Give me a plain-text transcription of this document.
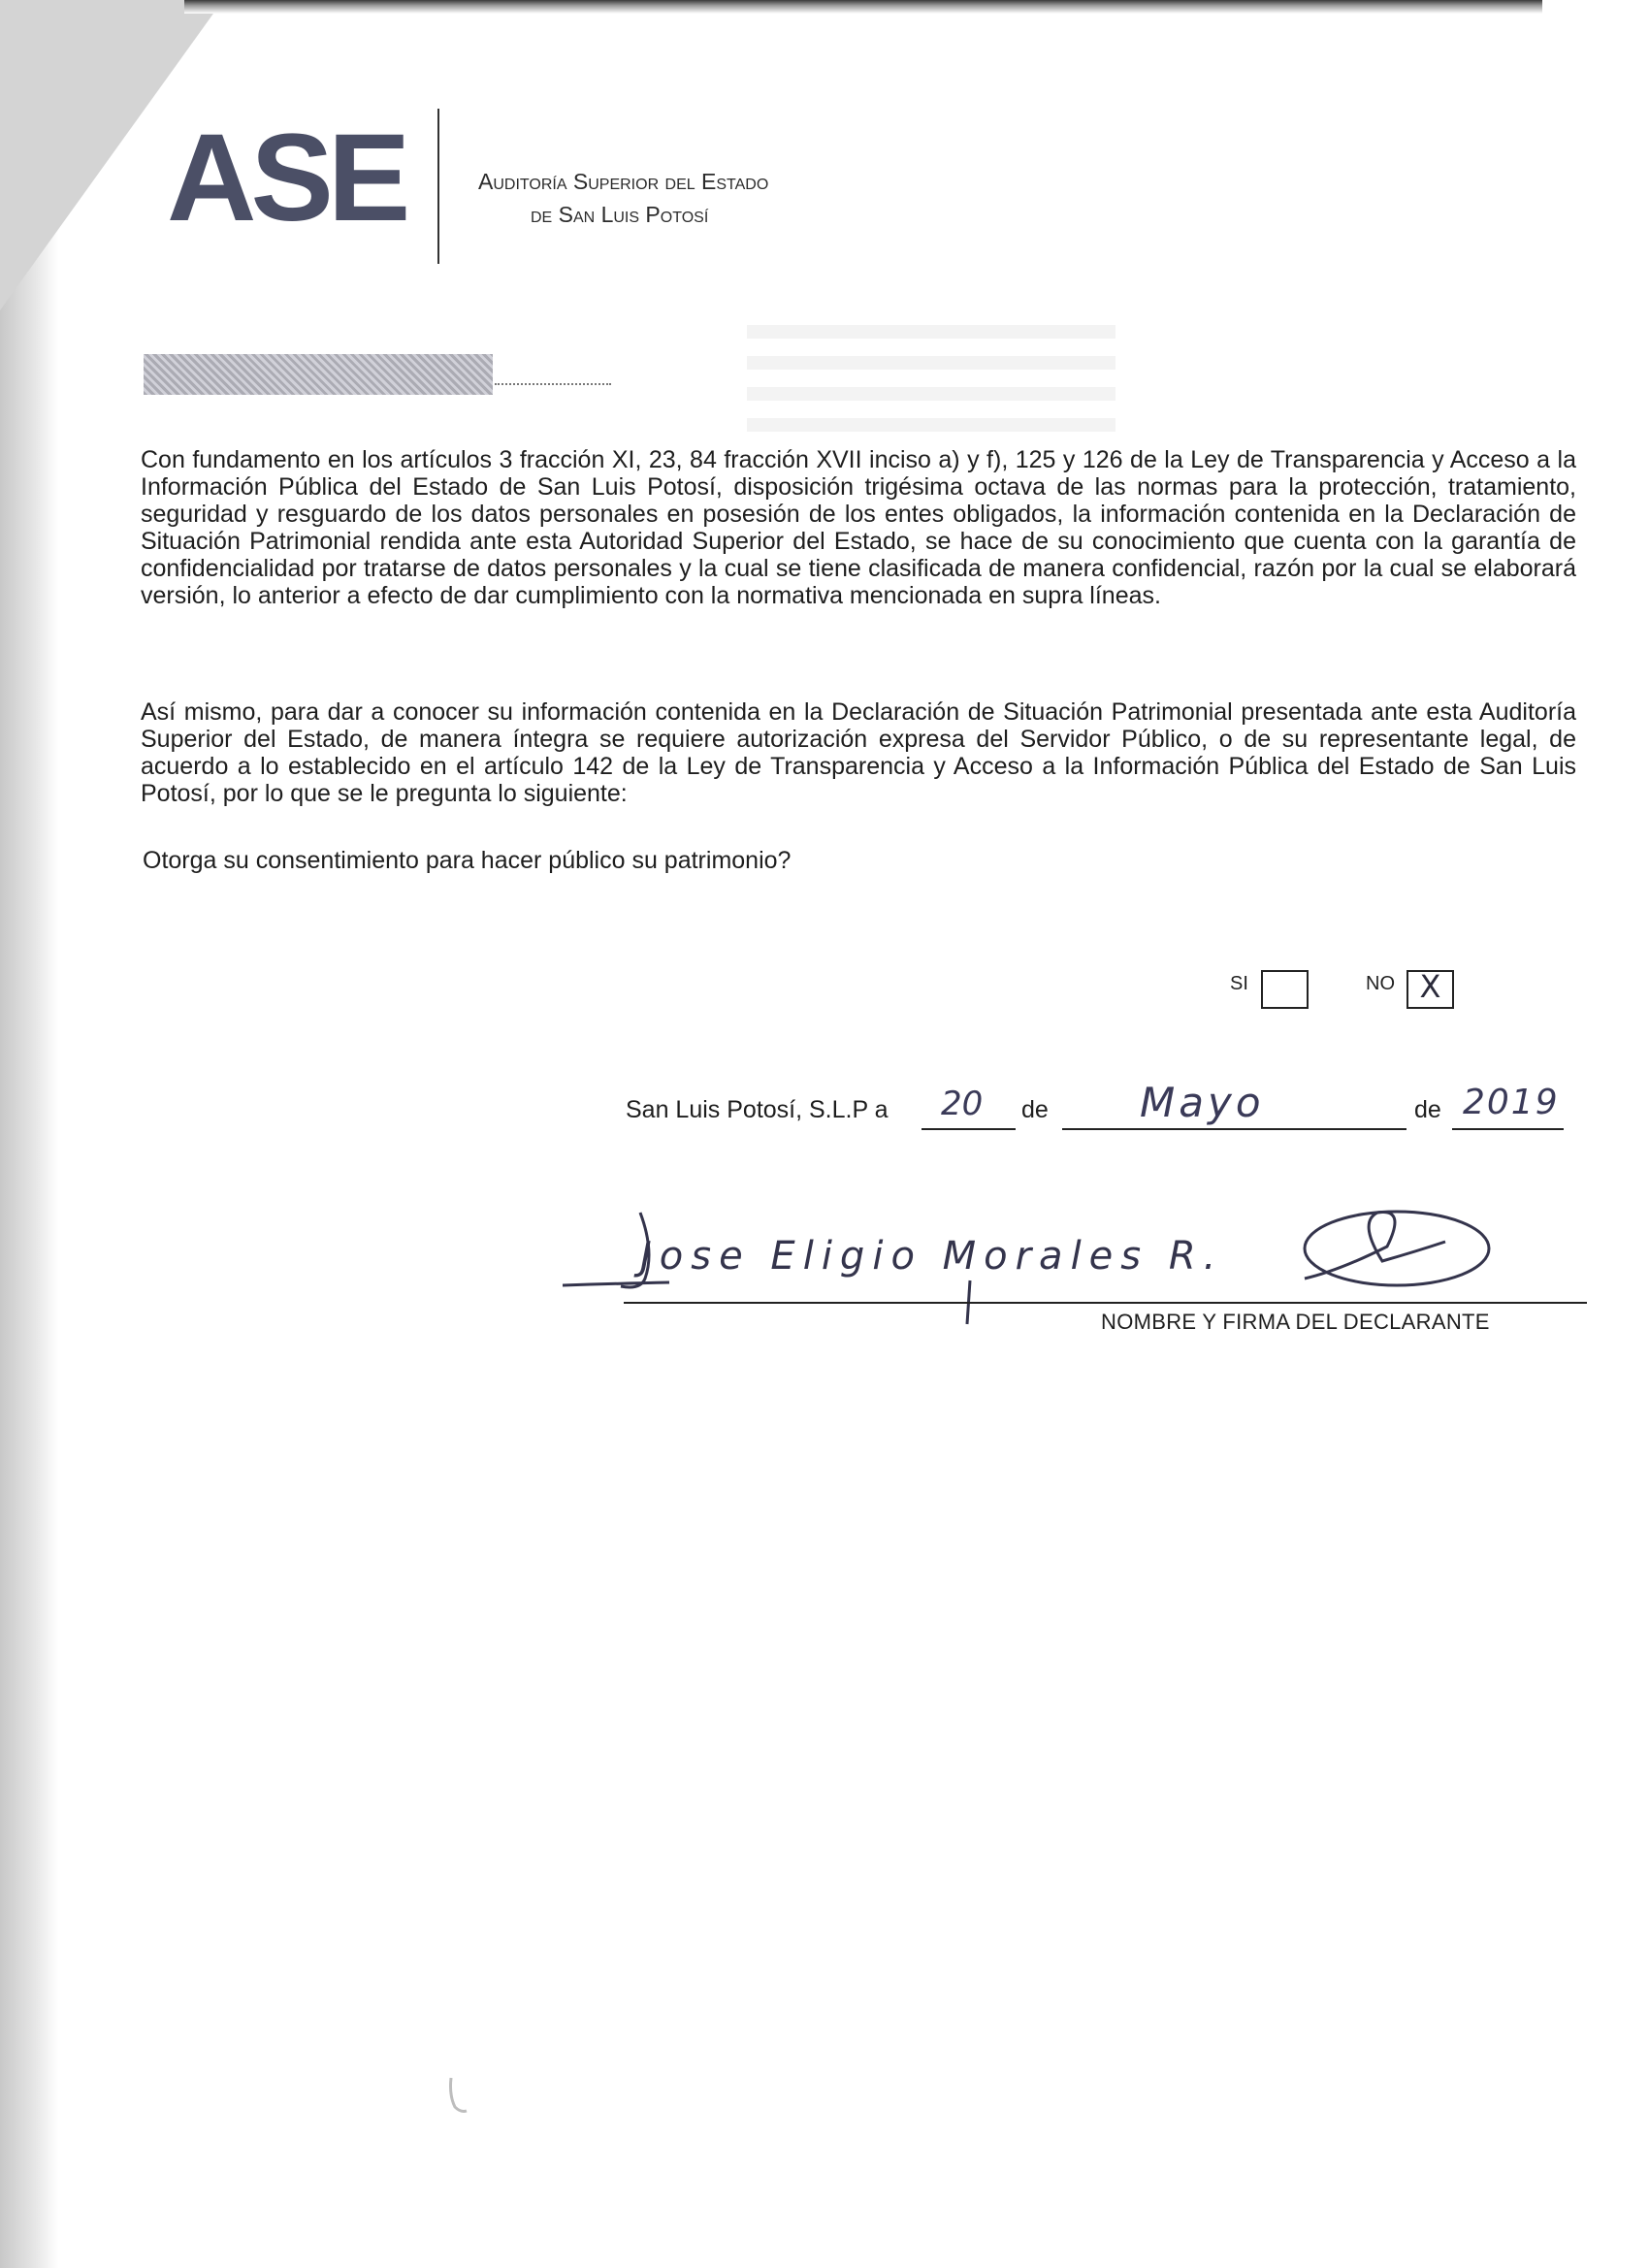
ASE	Auditoría Superior del Estado
de San Luis Potosí
Con fundamento en los artículos 3 fracción XI, 23, 84 fracción XVII inciso a) y f), 125 y 126 de la Ley de Transparencia y Acceso a la Información Pública del Estado de San Luis Potosí, disposición trigésima octava de las normas para la protección, tratamiento, seguridad y resguardo de los datos personales en posesión de los entes obligados, la información contenida en la Declaración de Situación Patrimonial rendida ante esta Autoridad Superior del Estado, se hace de su conocimiento que cuenta con la garantía de confidencialidad por tratarse de datos personales y la cual se tiene clasificada de manera confidencial, razón por la cual se elaborará versión, lo anterior a efecto de dar cumplimiento con la normativa mencionada en supra líneas.
Así mismo, para dar a conocer su información contenida en la Declaración de Situación Patrimonial presentada ante esta Auditoría Superior del Estado, de manera íntegra se requiere autorización expresa del Servidor Público, o de su representante legal, de acuerdo a lo establecido en el artículo 142 de la Ley de Transparencia y Acceso a la Información Pública del Estado de San Luis Potosí, por lo que se le pregunta lo siguiente:
Otorga su consentimiento para hacer público su patrimonio?
SI	NO X
San Luis Potosí, S.L.P a 20 de Mayo	de 2019
Jose Eligio Morales R.
NOMBRE Y FIRMA DEL DECLARANTE
